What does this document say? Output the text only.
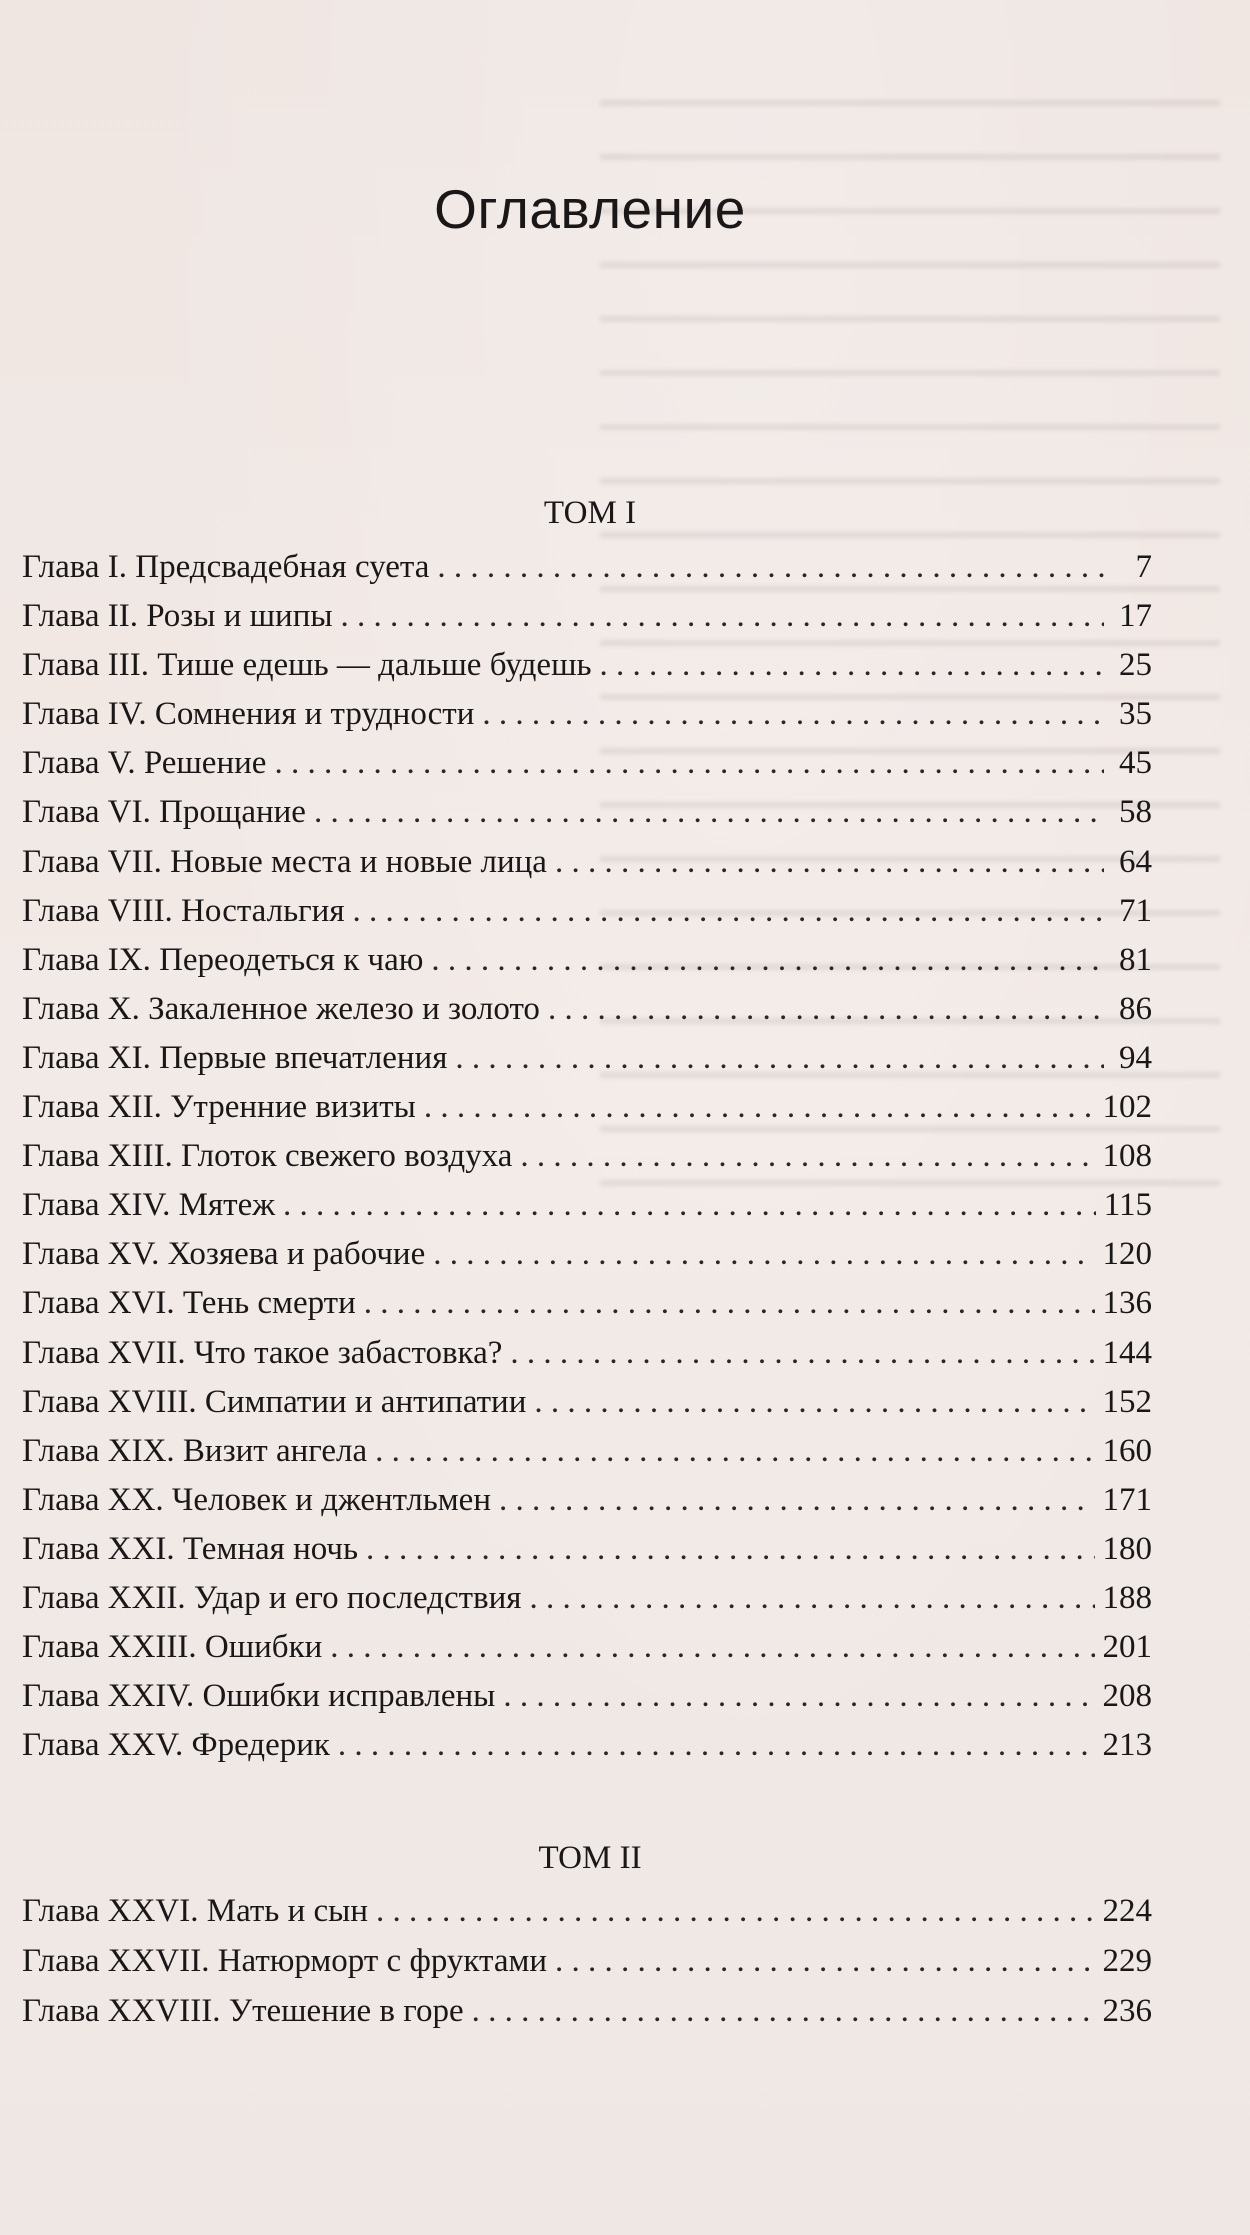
Оглавление
ТОМ I
Глава I. Предсвадебная суета . . .	7
Глава II. Розы и шипы . . .	17
Глава III. Тише едешь — дальше будешь . . .	25
Глава IV. Сомнения и трудности . . .	35
Глава V. Решение . . .	45
Глава VI. Прощание . . .	58
Глава VII. Новые места и новые лица . . .	64
Глава VIII. Ностальгия . . .	71
Глава IX. Переодеться к чаю . . .	81
Глава X. Закаленное железо и золото . . .	86
Глава XI. Первые впечатления . . .	94
Глава XII. Утренние визиты . . .	102
Глава XIII. Глоток свежего воздуха . . .	108
Глава XIV. Мятеж . . .	115
Глава XV. Хозяева и рабочие . . .	120
Глава XVI. Тень смерти . . .	136
Глава XVII. Что такое забастовка? . . .	144
Глава XVIII. Симпатии и антипатии . . .	152
Глава XIX. Визит ангела . . .	160
Глава XX. Человек и джентльмен . . .	171
Глава XXI. Темная ночь . . .	180
Глава XXII. Удар и его последствия . . .	188
Глава XXIII. Ошибки . . .	201
Глава XXIV. Ошибки исправлены . . .	208
Глава XXV. Фредерик . . .	213
ТОМ II
Глава XXVI. Мать и сын . . .	224
Глава XXVII. Натюрморт с фруктами . . .	229
Глава XXVIII. Утешение в горе . . .	236
